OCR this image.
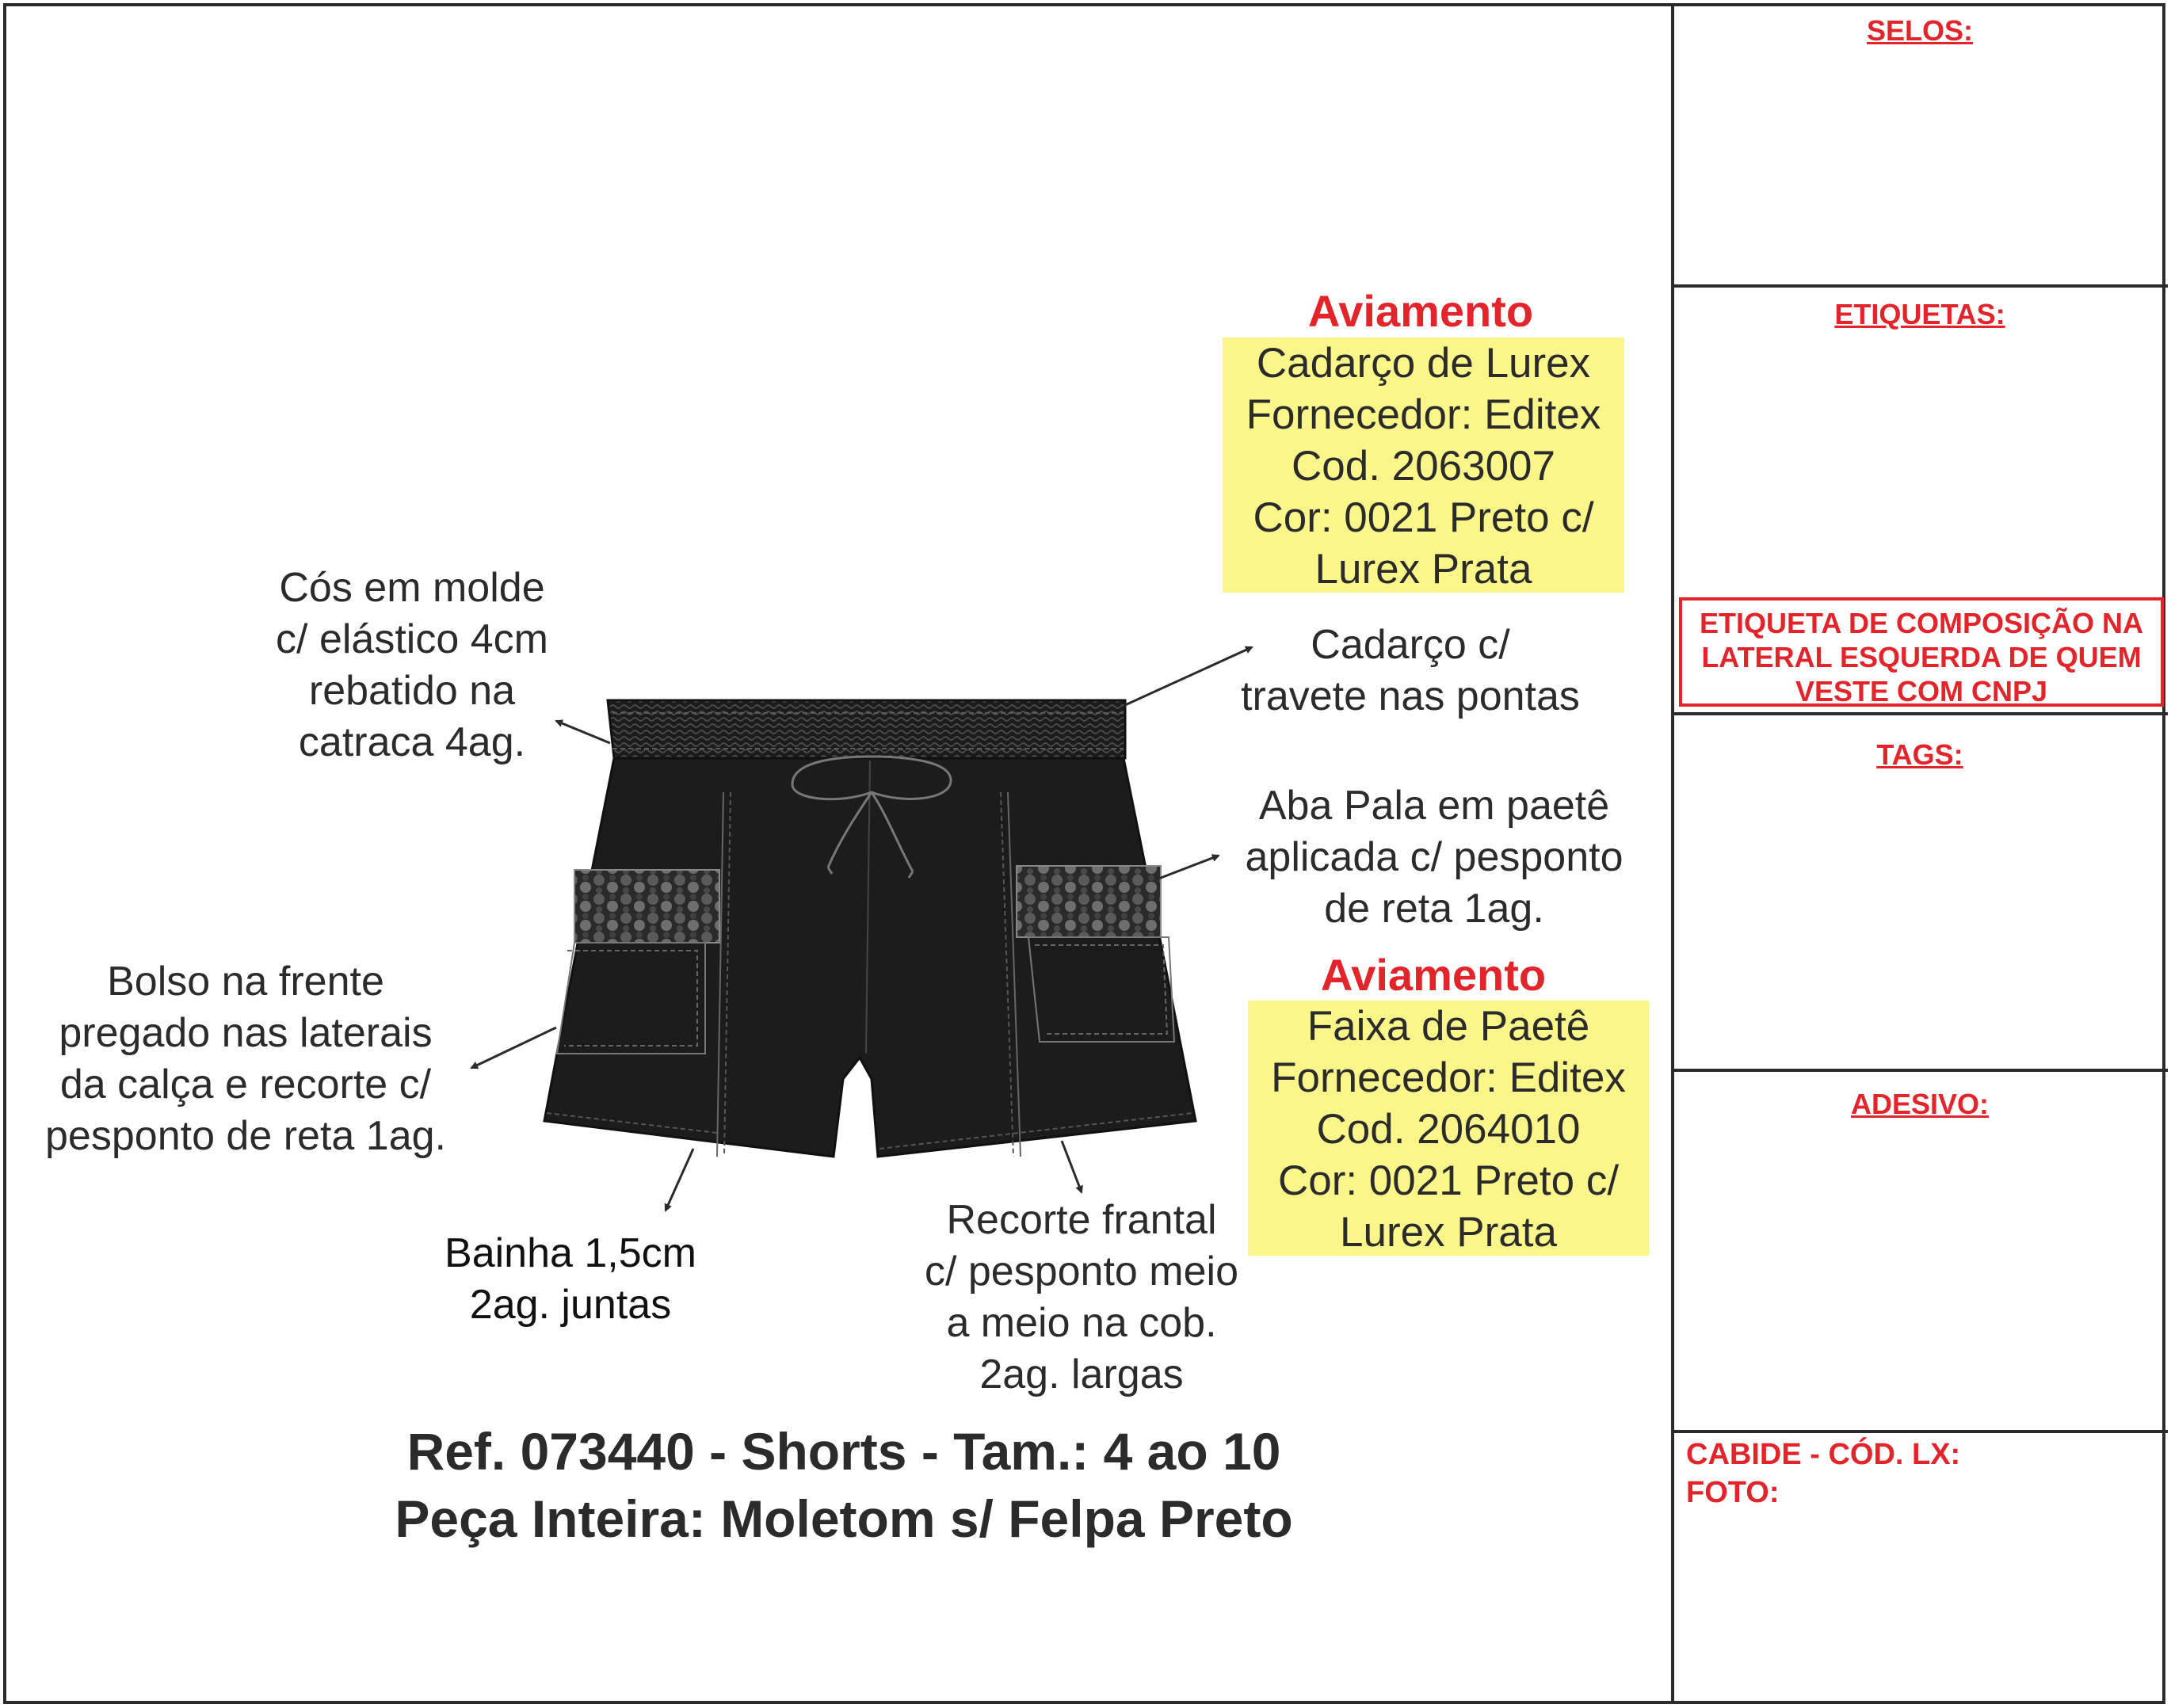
SELOS:
ETIQUETAS:
ETIQUETA DE COMPOSIÇÃO NA
LATERAL ESQUERDA DE QUEM
VESTE COM CNPJ
TAGS:
ADESIVO:
CABIDE - CÓD. LX:
FOTO:
Cós em molde
c/ elástico 4cm
rebatido na
catraca 4ag.
Aviamento
Cadarço de Lurex
Fornecedor: Editex
Cod. 2063007
Cor: 0021 Preto c/
Lurex Prata
Cadarço c/
travete nas pontas
Aba Pala em paetê
aplicada c/ pesponto
de reta 1ag.
Aviamento
Faixa de Paetê
Fornecedor: Editex
Cod. 2064010
Cor: 0021 Preto c/
Lurex Prata
Bolso na frente
pregado nas laterais
da calça e recorte c/
pesponto de reta 1ag.
Bainha 1,5cm
2ag. juntas
Recorte frantal
c/ pesponto meio
a meio na cob.
2ag. largas
Ref. 073440 - Shorts - Tam.: 4 ao 10
Peça Inteira: Moletom s/ Felpa Preto
